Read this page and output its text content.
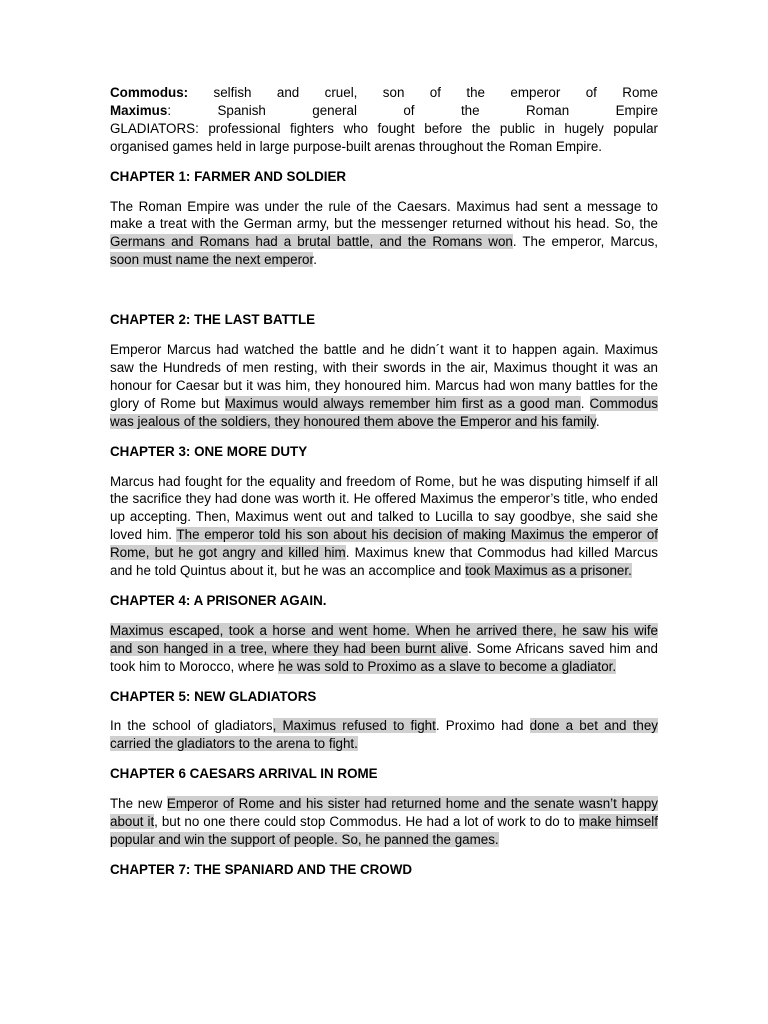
Commodus: selfish and cruel, son of the emperor of Rome

Maximus: Spanish general of the Roman Empire

GLADIATORS: professional fighters who fought before the public in hugely popular organised games held in large purpose-built arenas throughout the Roman Empire.

CHAPTER 1: FARMER AND SOLDIER

The Roman Empire was under the rule of the Caesars. Maximus had sent a message to make a treat with the German army, but the messenger returned without his head. So, the Germans and Romans had a brutal battle, and the Romans won. The emperor, Marcus, soon must name the next emperor.

CHAPTER 2: THE LAST BATTLE

Emperor Marcus had watched the battle and he didn´t want it to happen again. Maximus saw the Hundreds of men resting, with their swords in the air, Maximus thought it was an honour for Caesar but it was him, they honoured him. Marcus had won many battles for the glory of Rome but Maximus would always remember him first as a good man. Commodus was jealous of the soldiers, they honoured them above the Emperor and his family.

CHAPTER 3: ONE MORE DUTY

Marcus had fought for the equality and freedom of Rome, but he was disputing himself if all the sacrifice they had done was worth it. He offered Maximus the emperor’s title, who ended up accepting. Then, Maximus went out and talked to Lucilla to say goodbye, she said she loved him. The emperor told his son about his decision of making Maximus the emperor of Rome, but he got angry and killed him. Maximus knew that Commodus had killed Marcus and he told Quintus about it, but he was an accomplice and took Maximus as a prisoner.

CHAPTER 4: A PRISONER AGAIN.

Maximus escaped, took a horse and went home. When he arrived there, he saw his wife and son hanged in a tree, where they had been burnt alive. Some Africans saved him and took him to Morocco, where he was sold to Proximo as a slave to become a gladiator.

CHAPTER 5: NEW GLADIATORS

In the school of gladiators, Maximus refused to fight. Proximo had done a bet and they carried the gladiators to the arena to fight.

CHAPTER 6 CAESARS ARRIVAL IN ROME

The new Emperor of Rome and his sister had returned home and the senate wasn’t happy about it, but no one there could stop Commodus. He had a lot of work to do to make himself popular and win the support of people. So, he panned the games.

CHAPTER 7: THE SPANIARD AND THE CROWD
